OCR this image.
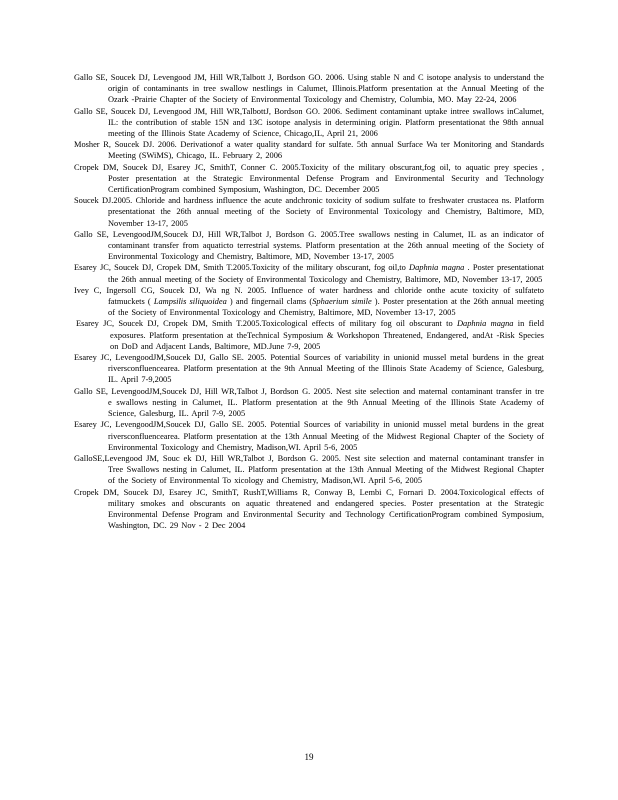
Gallo SE, Soucek DJ, Levengood JM, Hill WR,Talbott J, Bordson GO. 2006. Using stable N and C isotope analysis to understand the origin of contaminants in tree swallow nestlings in Calumet, Illinois.Platform presentation at the Annual Meeting of the Ozark -Prairie Chapter of the Society of Environmental Toxicology and Chemistry, Columbia, MO. May 22-24, 2006
Gallo SE, Soucek DJ, Levengood JM, Hill WR,TalbottJ, Bordson GO. 2006. Sediment contaminant uptake intree swallows inCalumet, IL: the contribution of stable 15N and 13C isotope analysis in determining origin. Platform presentationat the 98th annual meeting of the Illinois State Academy of Science, Chicago,IL, April 21, 2006
Mosher R, Soucek DJ. 2006. Derivationof a water quality standard for sulfate. 5th annual Surface Wa ter Monitoring and Standards Meeting (SWiMS), Chicago, IL. February 2, 2006
Cropek DM, Soucek DJ, Esarey JC, SmithT, Conner C. 2005.Toxicity of the military obscurant,fog oil, to aquatic prey species , Poster presentation at the Strategic Environmental Defense Program and Environmental Security and Technology CertificationProgram combined Symposium, Washington, DC. December 2005
Soucek DJ.2005. Chloride and hardness influence the acute andchronic toxicity of sodium sulfate to freshwater crustacea ns. Platform presentationat the 26th annual meeting of the Society of Environmental Toxicology and Chemistry, Baltimore, MD, November 13-17, 2005
Gallo SE, LevengoodJM,Soucek DJ, Hill WR,Talbot J, Bordson G. 2005.Tree swallows nesting in Calumet, IL as an indicator of contaminant transfer from aquaticto terrestrial systems. Platform presentation at the 26th annual meeting of the Society of Environmental Toxicology and Chemistry, Baltimore, MD, November 13-17, 2005
Esarey JC, Soucek DJ, Cropek DM, Smith T.2005.Toxicity of the military obscurant, fog oil,to Daphnia magna . Poster presentationat the 26th annual meeting of the Society of Environmental Toxicology and Chemistry, Baltimore, MD, November 13-17, 2005
Ivey C, Ingersoll CG, Soucek DJ, Wa ng N. 2005. Influence of water hardness and chloride onthe acute toxicity of sulfateto fatmuckets ( Lampsilis siliquoidea ) and fingernail clams (Sphaerium simile ). Poster presentation at the 26th annual meeting of the Society of Environmental Toxicology and Chemistry, Baltimore, MD, November 13-17, 2005
Esarey JC, Soucek DJ, Cropek DM, Smith T.2005.Toxicological effects of military fog oil obscurant to Daphnia magna in field exposures. Platform presentation at theTechnical Symposium & Workshopon Threatened, Endangered, andAt -Risk Species on DoD and Adjacent Lands, Baltimore, MD.June 7-9, 2005
Esarey JC, LevengoodJM,Soucek DJ, Gallo SE. 2005. Potential Sources of variability in unionid mussel metal burdens in the great riversconfluencearea. Platform presentation at the 9th Annual Meeting of the Illinois State Academy of Science, Galesburg, IL. April 7-9,2005
Gallo SE, LevengoodJM,Soucek DJ, Hill WR,Talbot J, Bordson G. 2005. Nest site selection and maternal contaminant transfer in tre e swallows nesting in Calumet, IL. Platform presentation at the 9th Annual Meeting of the Illinois State Academy of Science, Galesburg, IL. April 7-9, 2005
Esarey JC, LevengoodJM,Soucek DJ, Gallo SE. 2005. Potential Sources of variability in unionid mussel metal burdens in the great riversconfluencearea. Platform presentation at the 13th Annual Meeting of the Midwest Regional Chapter of the Society of Environmental Toxicology and Chemistry, Madison,WI. April 5-6, 2005
GalloSE,Levengood JM, Souc ek DJ, Hill WR,Talbot J, Bordson G. 2005. Nest site selection and maternal contaminant transfer in Tree Swallows nesting in Calumet, IL. Platform presentation at the 13th Annual Meeting of the Midwest Regional Chapter of the Society of Environmental To xicology and Chemistry, Madison,WI. April 5-6, 2005
Cropek DM, Soucek DJ, Esarey JC, SmithT, RushT,Williams R, Conway B, Lembi C, Fornari D. 2004.Toxicological effects of military smokes and obscurants on aquatic threatened and endangered species. Poster presentation at the Strategic Environmental Defense Program and Environmental Security and Technology CertificationProgram combined Symposium, Washington, DC. 29 Nov - 2 Dec 2004
19
